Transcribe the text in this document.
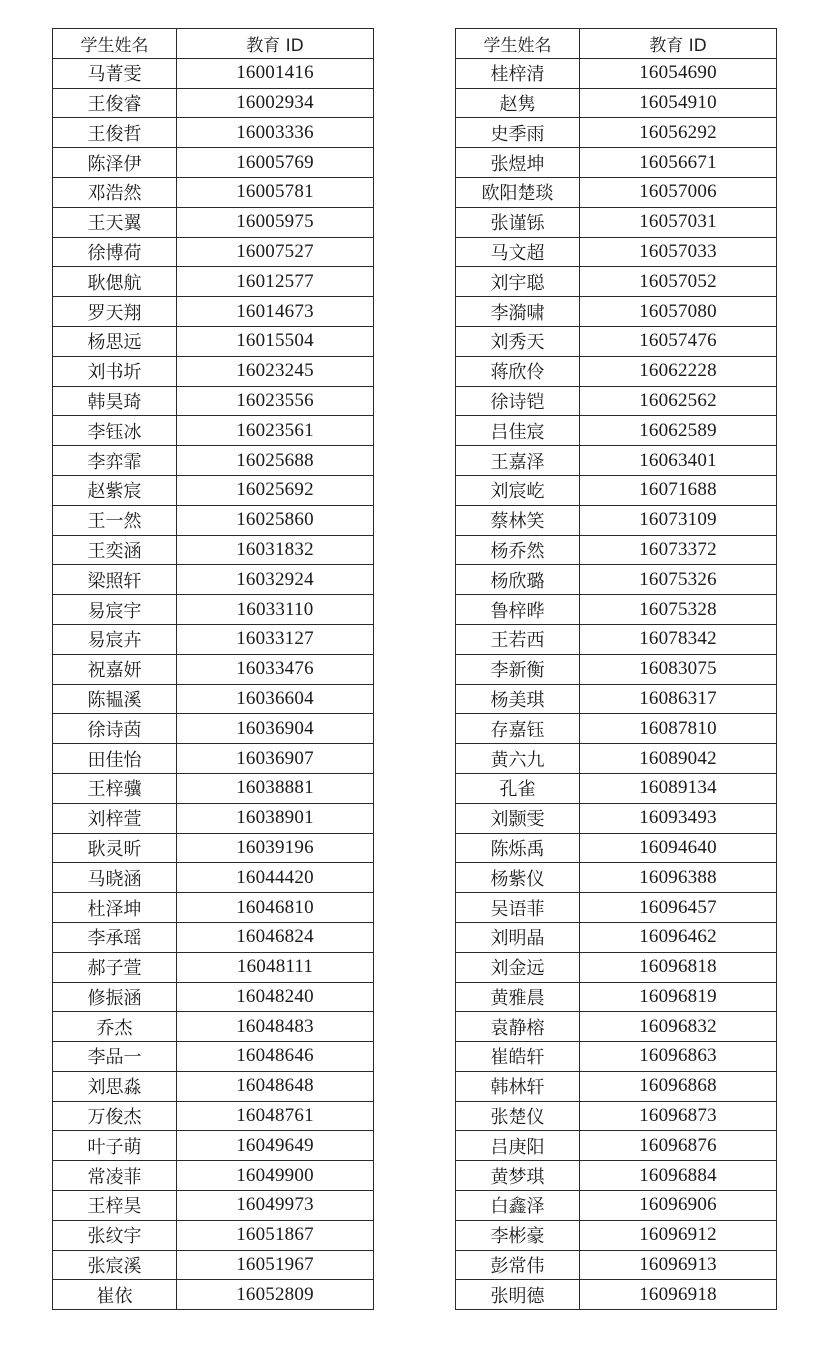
学生姓名	教育 ID
马菁雯	16001416
王俊睿	16002934
王俊哲	16003336
陈泽伊	16005769
邓浩然	16005781
王天翼	16005975
徐博荷	16007527
耿偲航	16012577
罗天翔	16014673
杨思远	16015504
刘书圻	16023245
韩昊琦	16023556
李钰冰	16023561
李弈霏	16025688
赵紫宸	16025692
王一然	16025860
王奕涵	16031832
梁照轩	16032924
易宸宇	16033110
易宸卉	16033127
祝嘉妍	16033476
陈韫溪	16036604
徐诗茵	16036904
田佳怡	16036907
王梓骥	16038881
刘梓萱	16038901
耿灵昕	16039196
马晓涵	16044420
杜泽坤	16046810
李承瑶	16046824
郝子萱	16048111
修振涵	16048240
乔杰	16048483
李品一	16048646
刘思淼	16048648
万俊杰	16048761
叶子萌	16049649
常凌菲	16049900
王梓昊	16049973
张纹宇	16051867
张宸溪	16051967
崔依	16052809
学生姓名	教育 ID
桂梓清	16054690
赵隽	16054910
史季雨	16056292
张煜坤	16056671
欧阳楚琰	16057006
张谨铄	16057031
马文超	16057033
刘宇聪	16057052
李漪啸	16057080
刘秀天	16057476
蒋欣伶	16062228
徐诗铠	16062562
吕佳宸	16062589
王嘉泽	16063401
刘宸屹	16071688
蔡林笑	16073109
杨乔然	16073372
杨欣璐	16075326
鲁梓晔	16075328
王若西	16078342
李新衡	16083075
杨美琪	16086317
存嘉钰	16087810
黄六九	16089042
孔雀	16089134
刘颢雯	16093493
陈烁禹	16094640
杨紫仪	16096388
吴语菲	16096457
刘明晶	16096462
刘金远	16096818
黄雅晨	16096819
袁静榕	16096832
崔皓轩	16096863
韩林轩	16096868
张楚仪	16096873
吕庚阳	16096876
黄梦琪	16096884
白鑫泽	16096906
李彬豪	16096912
彭常伟	16096913
张明德	16096918
